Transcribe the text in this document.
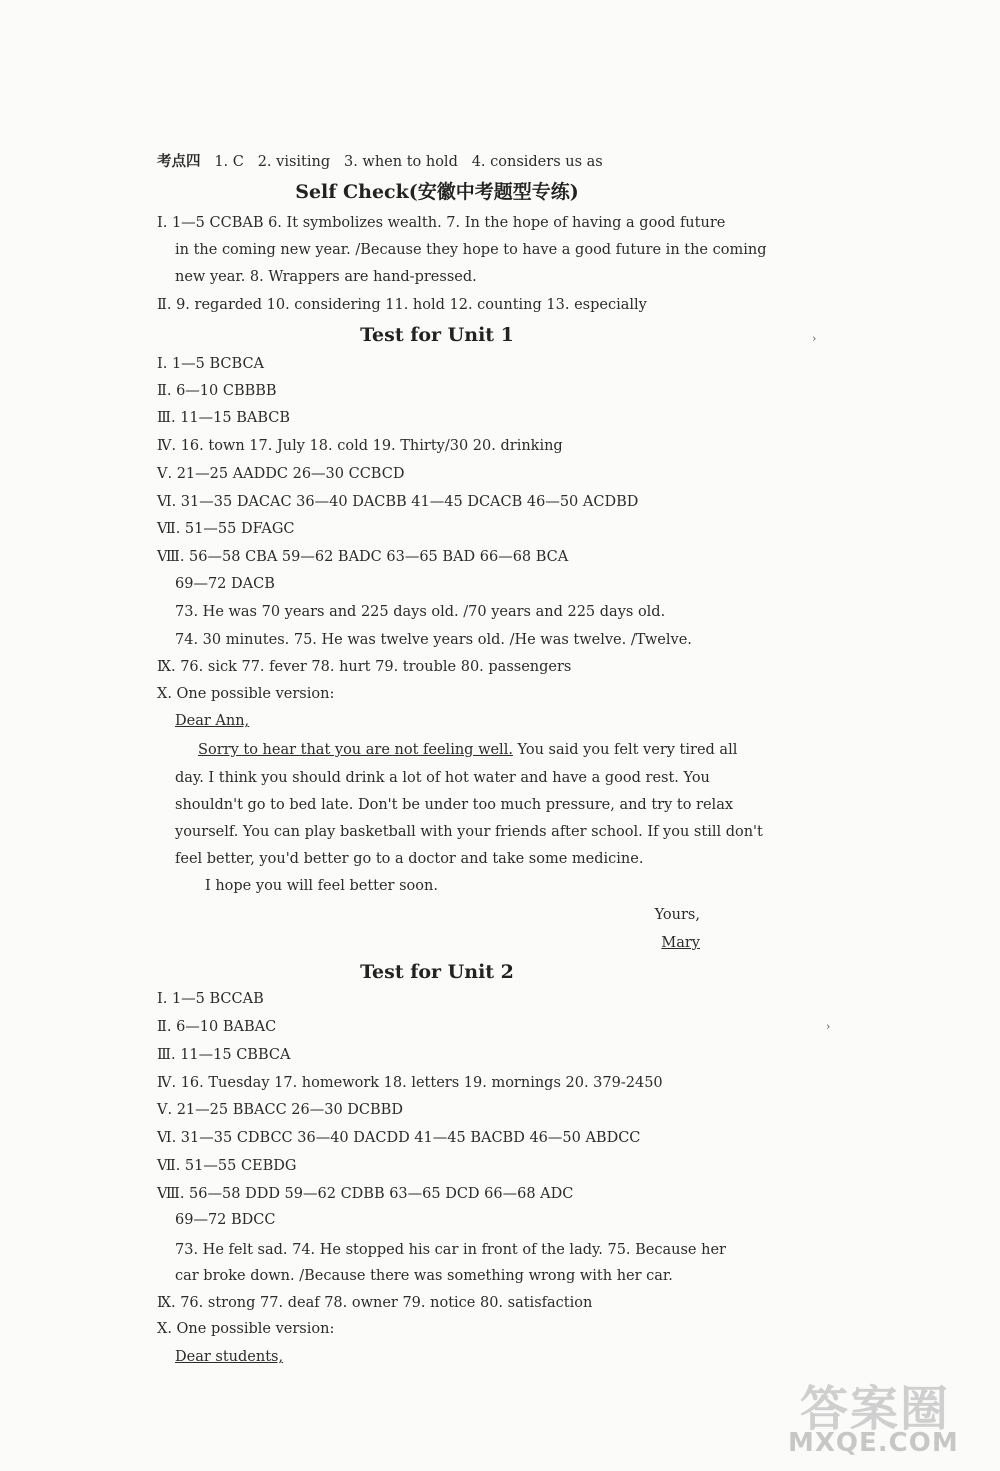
考点四 1. C 2. visiting 3. when to hold 4. considers us as
Self Check(安徽中考题型专练)
Ⅰ. 1—5 CCBAB 6. It symbolizes wealth. 7. In the hope of having a good future
in the coming new year. /Because they hope to have a good future in the coming
new year. 8. Wrappers are hand-pressed.
Ⅱ. 9. regarded 10. considering 11. hold 12. counting 13. especially
Test for Unit 1
Ⅰ. 1—5 BCBCA
Ⅱ. 6—10 CBBBB
Ⅲ. 11—15 BABCB
Ⅳ. 16. town 17. July 18. cold 19. Thirty/30 20. drinking
Ⅴ. 21—25 AADDC 26—30 CCBCD
Ⅵ. 31—35 DACAC 36—40 DACBB 41—45 DCACB 46—50 ACDBD
Ⅶ. 51—55 DFAGC
Ⅷ. 56—58 CBA 59—62 BADC 63—65 BAD 66—68 BCA
69—72 DACB
73. He was 70 years and 225 days old. /70 years and 225 days old.
74. 30 minutes. 75. He was twelve years old. /He was twelve. /Twelve.
Ⅸ. 76. sick 77. fever 78. hurt 79. trouble 80. passengers
Ⅹ. One possible version:
Dear Ann,
Sorry to hear that you are not feeling well. You said you felt very tired all
day. I think you should drink a lot of hot water and have a good rest. You
shouldn't go to bed late. Don't be under too much pressure, and try to relax
yourself. You can play basketball with your friends after school. If you still don't
feel better, you'd better go to a doctor and take some medicine.
I hope you will feel better soon.
Yours,
Mary
Test for Unit 2
Ⅰ. 1—5 BCCAB
Ⅱ. 6—10 BABAC
Ⅲ. 11—15 CBBCA
Ⅳ. 16. Tuesday 17. homework 18. letters 19. mornings 20. 379-2450
Ⅴ. 21—25 BBACC 26—30 DCBBD
Ⅵ. 31—35 CDBCC 36—40 DACDD 41—45 BACBD 46—50 ABDCC
Ⅶ. 51—55 CEBDG
Ⅷ. 56—58 DDD 59—62 CDBB 63—65 DCD 66—68 ADC
69—72 BDCC
73. He felt sad. 74. He stopped his car in front of the lady. 75. Because her
car broke down. /Because there was something wrong with her car.
Ⅸ. 76. strong 77. deaf 78. owner 79. notice 80. satisfaction
Ⅹ. One possible version:
Dear students,
›
›
答案圈
MXQE.COM
